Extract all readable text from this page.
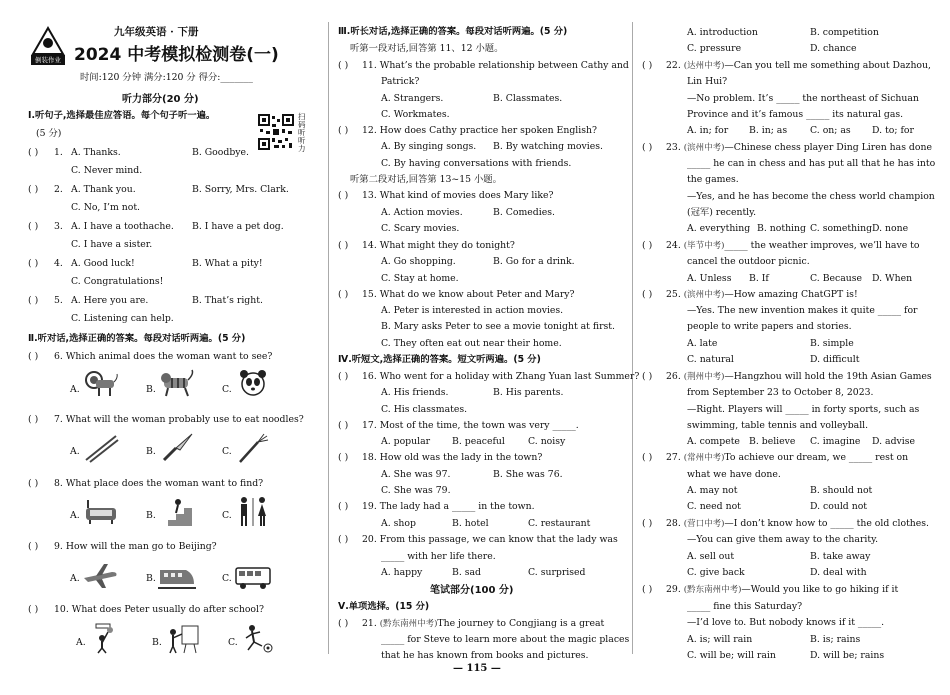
倒装作业
九年级英语 · 下册
2024 中考模拟检测卷(一)
时间:120 分钟 满分:120 分 得分:_______
听力部分(20 分)
Ⅰ.听句子,选择最佳应答语。每个句子听一遍。
(5 分)
扫码听听力
( ) 1. A. Thanks.	B. Goodbye.
C. Never mind.
( ) 2. A. Thank you.	B. Sorry, Mrs. Clark.
C. No, I’m not.
( ) 3. A. I have a toothache. B. I have a pet dog.
C. I have a sister.
( ) 4. A. Good luck!	B. What a pity!
C. Congratulations!
( ) 5. A. Here you are.	B. That’s right.
C. Listening can help.
Ⅱ.听对话,选择正确的答案。每段对话听两遍。(5 分)
( ) 6. Which animal does the woman want to see?
A.	B.	C.
( ) 7. What will the woman probably use to eat noodles?
A.	B.	C.
( ) 8. What place does the woman want to find?
A.	B.	C.
( ) 9. How will the man go to Beijing?
A.	B.	C.
( ) 10. What does Peter usually do after school?
A.	B.	C.
Ⅲ.听长对话,选择正确的答案。每段对话听两遍。(5 分)
听第一段对话,回答第 11、12 小题。
( ) 11. What’s the probable relationship between Cathy and
Patrick?
A. Strangers.	B. Classmates.
C. Workmates.
( ) 12. How does Cathy practice her spoken English?
A. By singing songs. B. By watching movies.
C. By having conversations with friends.
听第二段对话,回答第 13~15 小题。
( ) 13. What kind of movies does Mary like?
A. Action movies.	B. Comedies.
C. Scary movies.
( ) 14. What might they do tonight?
A. Go shopping.	B. Go for a drink.
C. Stay at home.
( ) 15. What do we know about Peter and Mary?
A. Peter is interested in action movies.
B. Mary asks Peter to see a movie tonight at first.
C. They often eat out near their home.
Ⅳ.听短文,选择正确的答案。短文听两遍。(5 分)
( ) 16. Who went for a holiday with Zhang Yuan last Summer?
A. His friends.	B. His parents.
C. His classmates.
( ) 17. Most of the time, the town was very _____.
A. popular B. peaceful C. noisy
( ) 18. How old was the lady in the town?
A. She was 97.	B. She was 76.
C. She was 79.
( ) 19. The lady had a _____ in the town.
A. shop	B. hotel	C. restaurant
( ) 20. From this passage, we can know that the lady was
_____ with her life there.
A. happy	B. sad	C. surprised
笔试部分(100 分)
Ⅴ.单项选择。(15 分)
( ) 21. (黔东南州中考)The journey to Congjiang is a great
_____ for Steve to learn more about the magic places
that he has known from books and pictures.
— 115 —
A. introduction	B. competition
C. pressure	D. chance
( ) 22. (达州中考)—Can you tell me something about Dazhou,
Lin Hui?
—No problem. It’s _____ the northeast of Sichuan
Province and it’s famous _____ its natural gas.
A. in; for B. in; as C. on; as D. to; for
( ) 23. (滨州中考)—Chinese chess player Ding Liren has done
_____ he can in chess and has put all that he has into
the games.
—Yes, and he has become the chess world champion
(冠军) recently.
A. everything B. nothing C. something D. none
( ) 24. (毕节中考)_____ the weather improves, we’ll have to
cancel the outdoor picnic.
A. Unless B. If	C. Because D. When
( ) 25. (滨州中考)—How amazing ChatGPT is!
—Yes. The new invention makes it quite _____ for
people to write papers and stories.
A. late	B. simple
C. natural	D. difficult
( ) 26. (荆州中考)—Hangzhou will hold the 19th Asian Games
from September 23 to October 8, 2023.
—Right. Players will _____ in forty sports, such as
swimming, table tennis and volleyball.
A. compete B. believe C. imagine D. advise
( ) 27. (常州中考)To achieve our dream, we _____ rest on
what we have done.
A. may not	B. should not
C. need not	D. could not
( ) 28. (营口中考)—I don’t know how to _____ the old clothes.
—You can give them away to the charity.
A. sell out	B. take away
C. give back	D. deal with
( ) 29. (黔东南州中考)—Would you like to go hiking if it
_____ fine this Saturday?
—I’d love to. But nobody knows if it _____.
A. is; will rain	B. is; rains
C. will be; will rain	D. will be; rains
